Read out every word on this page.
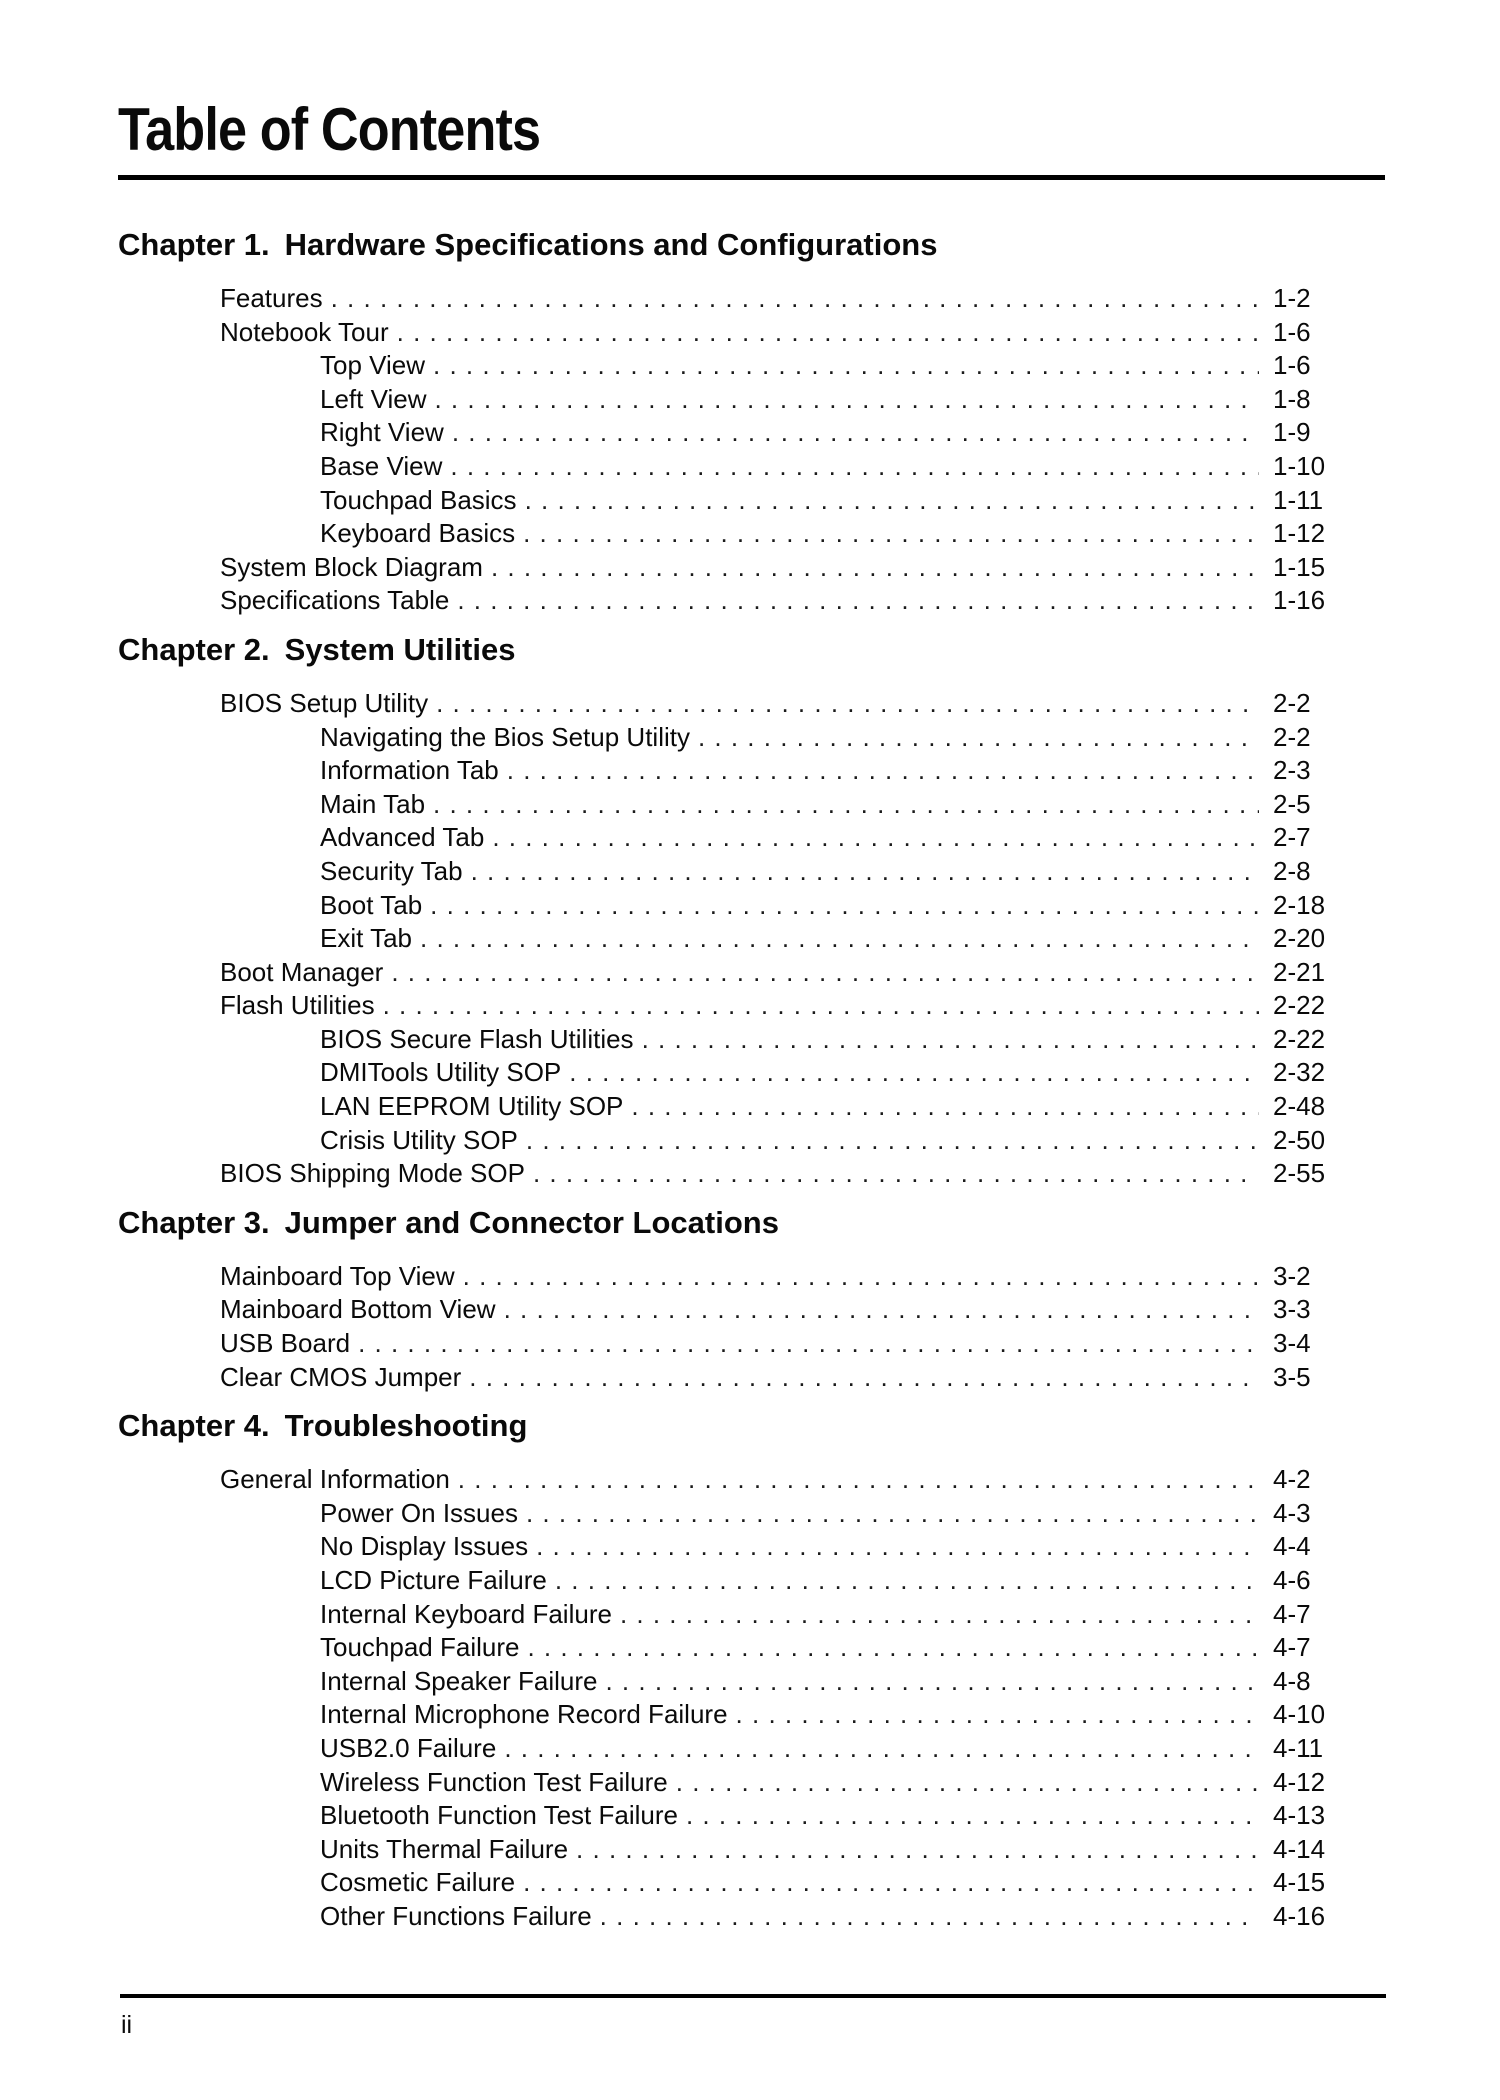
Table of Contents
Chapter 1. Hardware Specifications and Configurations
Features . . .	1-2
Notebook Tour . . .	1-6
Top View . . .	1-6
Left View . . .	1-8
Right View . . .	1-9
Base View . . .	1-10
Touchpad Basics . . .	1-11
Keyboard Basics . . .	1-12
System Block Diagram . . .	1-15
Specifications Table . . .	1-16
Chapter 2. System Utilities
BIOS Setup Utility . . .	2-2
Navigating the Bios Setup Utility . . .	2-2
Information Tab . . .	2-3
Main Tab . . .	2-5
Advanced Tab . . .	2-7
Security Tab . . .	2-8
Boot Tab . . .	2-18
Exit Tab . . .	2-20
Boot Manager . . .	2-21
Flash Utilities . . .	2-22
BIOS Secure Flash Utilities . . .	2-22
DMITools Utility SOP . . .	2-32
LAN EEPROM Utility SOP . . .	2-48
Crisis Utility SOP . . .	2-50
BIOS Shipping Mode SOP . . .	2-55
Chapter 3. Jumper and Connector Locations
Mainboard Top View . . .	3-2
Mainboard Bottom View . . .	3-3
USB Board . . .	3-4
Clear CMOS Jumper . . .	3-5
Chapter 4. Troubleshooting
General Information . . .	4-2
Power On Issues . . .	4-3
No Display Issues . . .	4-4
LCD Picture Failure . . .	4-6
Internal Keyboard Failure . . .	4-7
Touchpad Failure . . .	4-7
Internal Speaker Failure . . .	4-8
Internal Microphone Record Failure . . .	4-10
USB2.0 Failure . . .	4-11
Wireless Function Test Failure . . .	4-12
Bluetooth Function Test Failure . . .	4-13
Units Thermal Failure . . .	4-14
Cosmetic Failure . . .	4-15
Other Functions Failure . . .	4-16
ii
